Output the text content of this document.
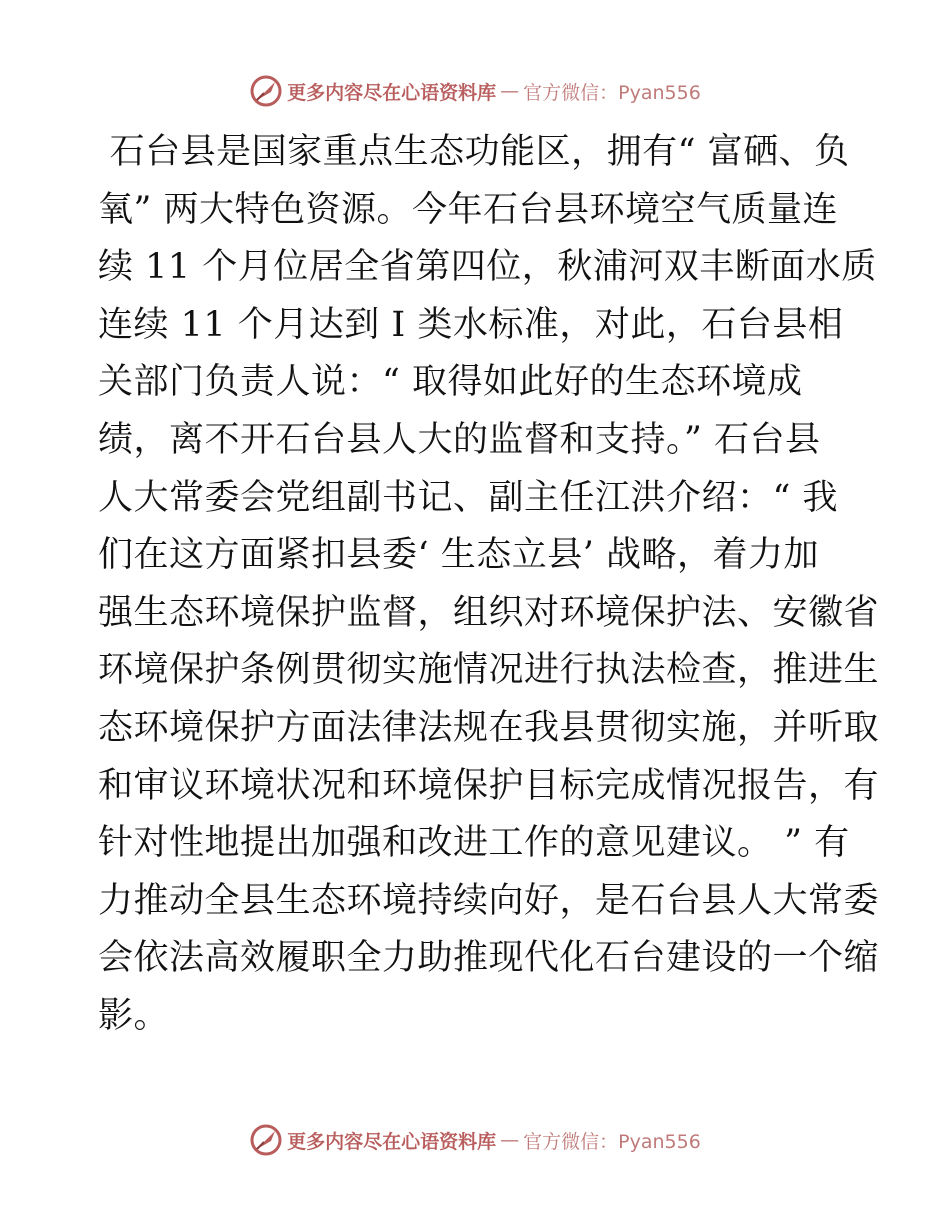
更多内容尽在心语资料库 — 官方微信：Pyan556
石台县是国家重点生态功能区，拥有“ 富硒、负
氧” 两大特色资源。今年石台县环境空气质量连
续 11 个月位居全省第四位，秋浦河双丰断面水质
连续 11 个月达到 Ⅰ 类水标准，对此，石台县相
关部门负责人说：“ 取得如此好的生态环境成
绩，离不开石台县人大的监督和支持。” 石台县
人大常委会党组副书记、副主任江洪介绍：“ 我
们在这方面紧扣县委‘ 生态立县’ 战略，着力加
强生态环境保护监督，组织对环境保护法、安徽省
环境保护条例贯彻实施情况进行执法检查，推进生
态环境保护方面法律法规在我县贯彻实施，并听取
和审议环境状况和环境保护目标完成情况报告，有
针对性地提出加强和改进工作的意见建议。 ” 有
力推动全县生态环境持续向好，是石台县人大常委
会依法高效履职全力助推现代化石台建设的一个缩
影。
更多内容尽在心语资料库 — 官方微信：Pyan556
